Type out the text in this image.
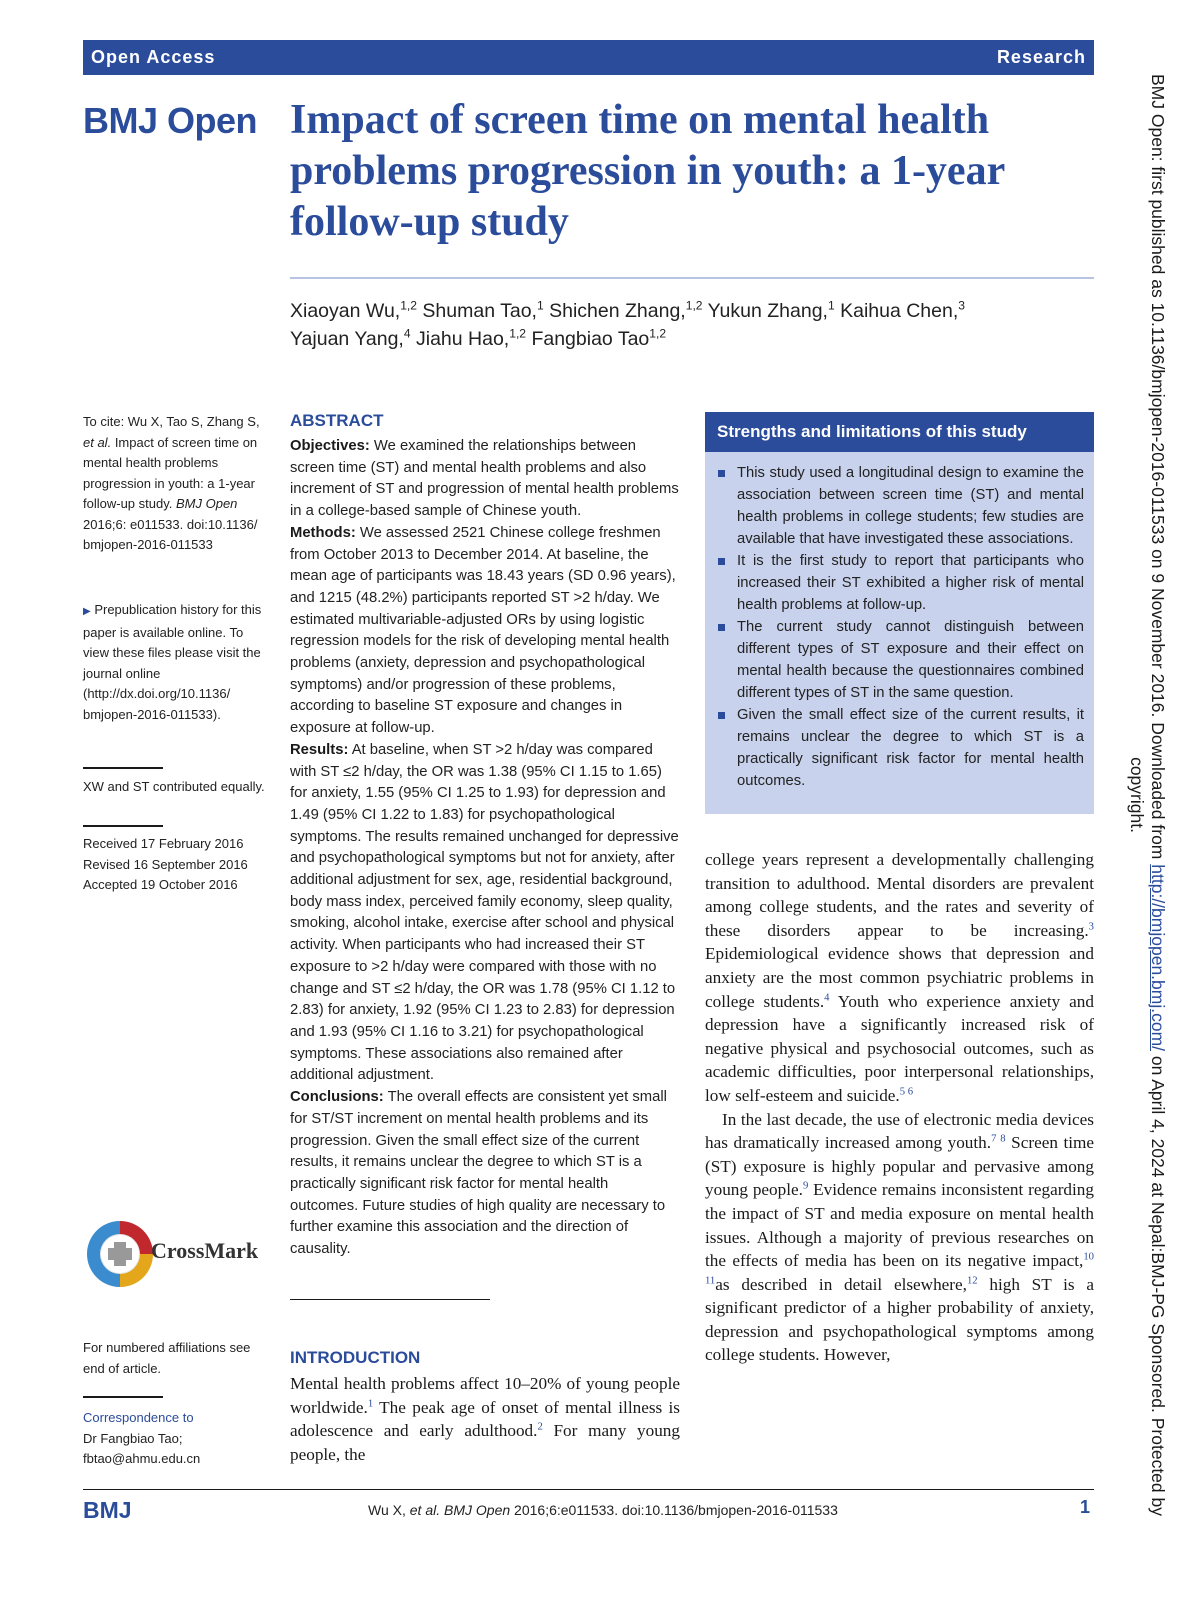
Open Access	Research
BMJ Open Impact of screen time on mental health problems progression in youth: a 1-year follow-up study
Xiaoyan Wu,$^{1,2}$ Shuman Tao,$^1$ Shichen Zhang,$^{1,2}$ Yukun Zhang,$^1$ Kaihua Chen,$^3$
Yajuan Yang,$^4$ Jiahu Hao,$^{1,2}$ Fangbiao Tao$^{1,2}$
To cite: Wu X, Tao S, Zhang S, et al. Impact of screen time on mental health problems progression in youth: a 1-year follow-up study. BMJ Open 2016;6: e011533. doi:10.1136/ bmjopen-2016-011533
▶ Prepublication history for this paper is available online. To view these files please visit the journal online (http://dx.doi.org/10.1136/ bmjopen-2016-011533).
XW and ST contributed equally.
Received 17 February 2016
Revised 16 September 2016
Accepted 19 October 2016
CrossMark
For numbered affiliations see end of article.
Correspondence to
Dr Fangbiao Tao;
fbtao@ahmu.edu.cn
ABSTRACT
Objectives: We examined the relationships between screen time (ST) and mental health problems and also increment of ST and progression of mental health problems in a college-based sample of Chinese youth.
Methods: We assessed 2521 Chinese college freshmen from October 2013 to December 2014. At baseline, the mean age of participants was 18.43 years (SD 0.96 years), and 1215 (48.2%) participants reported ST >2 h/day. We estimated multivariable-adjusted ORs by using logistic regression models for the risk of developing mental health problems (anxiety, depression and psychopathological symptoms) and/or progression of these problems, according to baseline ST exposure and changes in exposure at follow-up.
Results: At baseline, when ST >2 h/day was compared with ST ≤2 h/day, the OR was 1.38 (95% CI 1.15 to 1.65) for anxiety, 1.55 (95% CI 1.25 to 1.93) for depression and 1.49 (95% CI 1.22 to 1.83) for psychopathological symptoms. The results remained unchanged for depressive and psychopathological symptoms but not for anxiety, after additional adjustment for sex, age, residential background, body mass index, perceived family economy, sleep quality, smoking, alcohol intake, exercise after school and physical activity. When participants who had increased their ST exposure to >2 h/day were compared with those with no change and ST ≤2 h/day, the OR was 1.78 (95% CI 1.12 to 2.83) for anxiety, 1.92 (95% CI 1.23 to 2.83) for depression and 1.93 (95% CI 1.16 to 3.21) for psychopathological symptoms. These associations also remained after additional adjustment.
Conclusions: The overall effects are consistent yet small for ST/ST increment on mental health problems and its progression. Given the small effect size of the current results, it remains unclear the degree to which ST is a practically significant risk factor for mental health outcomes. Future studies of high quality are necessary to further examine this association and the direction of causality.
INTRODUCTION
Mental health problems affect 10–20% of young people worldwide.$^1$ The peak age of onset of mental illness is adolescence and early adulthood.$^2$ For many young people, the
Strengths and limitations of this study
This study used a longitudinal design to examine the association between screen time (ST) and mental health problems in college students; few studies are available that have investigated these associations.
It is the first study to report that participants who increased their ST exhibited a higher risk of mental health problems at follow-up.
The current study cannot distinguish between different types of ST exposure and their effect on mental health because the questionnaires combined different types of ST in the same question.
Given the small effect size of the current results, it remains unclear the degree to which ST is a practically significant risk factor for mental health outcomes.
college years represent a developmentally challenging transition to adulthood. Mental disorders are prevalent among college students, and the rates and severity of these disorders appear to be increasing.$^3$ Epidemiological evidence shows that depression and anxiety are the most common psychiatric problems in college students.$^4$ Youth who experience anxiety and depression have a significantly increased risk of negative physical and psychosocial outcomes, such as academic difficulties, poor interpersonal relationships, low self-esteem and suicide.$^{5 6}$
In the last decade, the use of electronic media devices has dramatically increased among youth.$^{7 8}$ Screen time (ST) exposure is highly popular and pervasive among young people.$^9$ Evidence remains inconsistent regarding the impact of ST and media exposure on mental health issues. Although a majority of previous researches on the effects of media has been on its negative impact,$^{10 11}$as described in detail elsewhere,$^{12}$ high ST is a significant predictor of a higher probability of anxiety, depression and psychopathological symptoms among college students. However,
BMJ	Wu X, et al. BMJ Open 2016;6:e011533. doi:10.1136/bmjopen-2016-011533	1
BMJ Open: first published as 10.1136/bmjopen-2016-011533 on 9 November 2016. Downloaded from http://bmjopen.bmj.com/ on April 4, 2024 at Nepal:BMJ-PG Sponsored. Protected by copyright.
